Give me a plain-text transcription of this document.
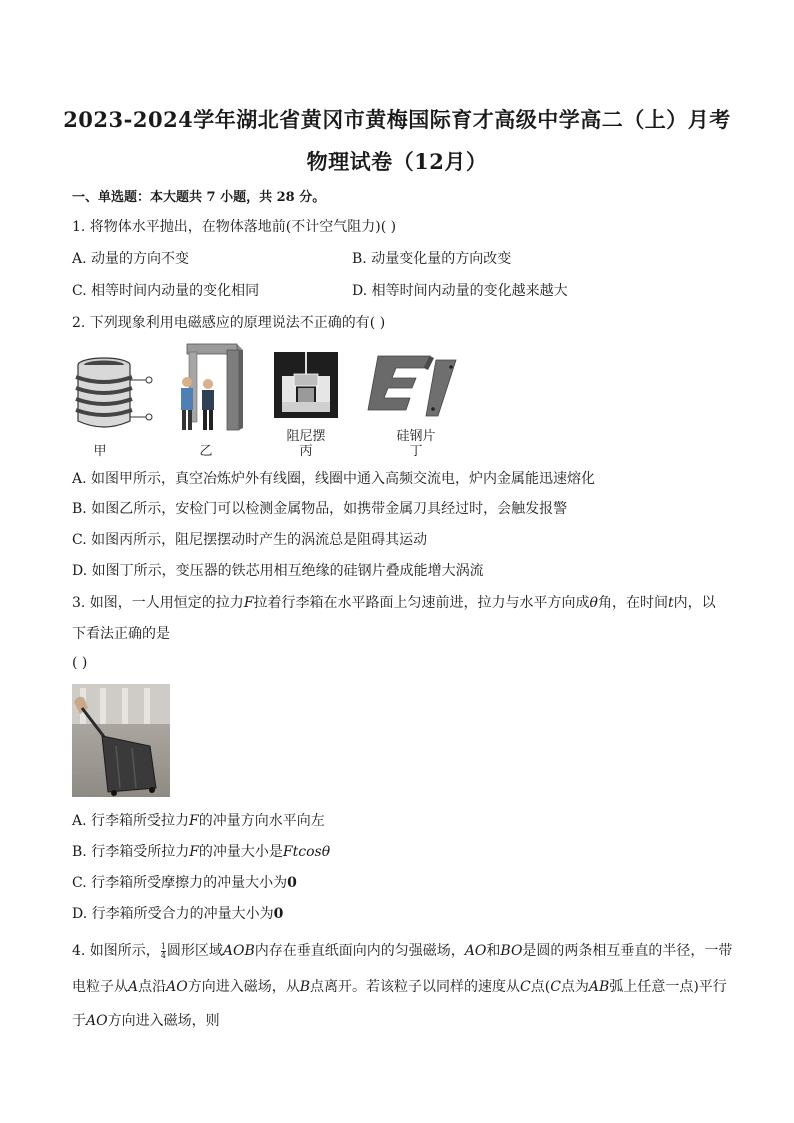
2023-2024学年湖北省黄冈市黄梅国际育才高级中学高二（上）月考
物理试卷（12月）
一、单选题：本大题共 7 小题，共 28 分。
1. 将物体水平抛出，在物体落地前(不计空气阻力)( )
A. 动量的方向不变	B. 动量变化量的方向改变
C. 相等时间内动量的变化相同	D. 相等时间内动量的变化越来越大
2. 下列现象利用电磁感应的原理说法不正确的有( )
甲	乙
阻尼摆
丙
硅钢片
丁
A. 如图甲所示，真空冶炼炉外有线圈，线圈中通入高频交流电，炉内金属能迅速熔化
B. 如图乙所示，安检门可以检测金属物品，如携带金属刀具经过时，会触发报警
C. 如图丙所示，阻尼摆摆动时产生的涡流总是阻碍其运动
D. 如图丁所示，变压器的铁芯用相互绝缘的硅钢片叠成能增大涡流
3. 如图，一人用恒定的拉力F拉着行李箱在水平路面上匀速前进，拉力与水平方向成θ角，在时间t内，以
下看法正确的是
( )
A. 行李箱所受拉力F的冲量方向水平向左
B. 行李箱受所拉力F的冲量大小是Ftcosθ
C. 行李箱所受摩擦力的冲量大小为0
D. 行李箱所受合力的冲量大小为0
4. 如图所示， $\frac{1}{4}$ 圆形区域AOB内存在垂直纸面向内的匀强磁场，AO和BO是圆的两条相互垂直的半径，一带
电粒子从A点沿AO方向进入磁场，从B点离开。若该粒子以同样的速度从C点(C点为AB弧上任意一点)平行
于AO方向进入磁场，则
